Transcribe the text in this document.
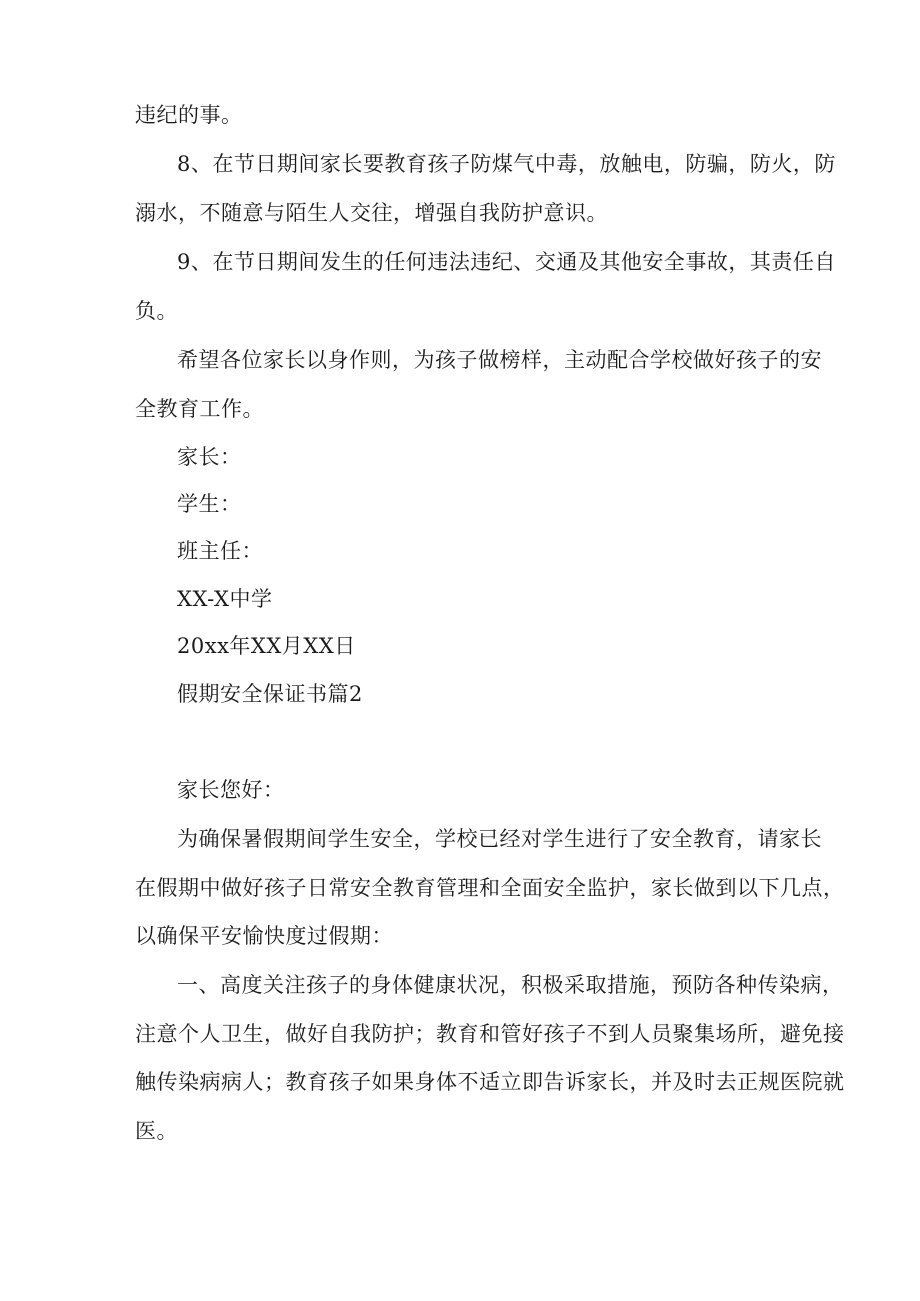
违纪的事。
8、在节日期间家长要教育孩子防煤气中毒，放触电，防骗，防火，防
溺水，不随意与陌生人交往，增强自我防护意识。
9、在节日期间发生的任何违法违纪、交通及其他安全事故，其责任自
负。
希望各位家长以身作则，为孩子做榜样，主动配合学校做好孩子的安
全教育工作。
家长：
学生：
班主任：
XX-X中学
20xx年XX月XX日
假期安全保证书篇2
家长您好：
为确保暑假期间学生安全，学校已经对学生进行了安全教育，请家长
在假期中做好孩子日常安全教育管理和全面安全监护，家长做到以下几点，
以确保平安愉快度过假期：
一、高度关注孩子的身体健康状况，积极采取措施，预防各种传染病，
注意个人卫生，做好自我防护；教育和管好孩子不到人员聚集场所，避免接
触传染病病人；教育孩子如果身体不适立即告诉家长，并及时去正规医院就
医。
